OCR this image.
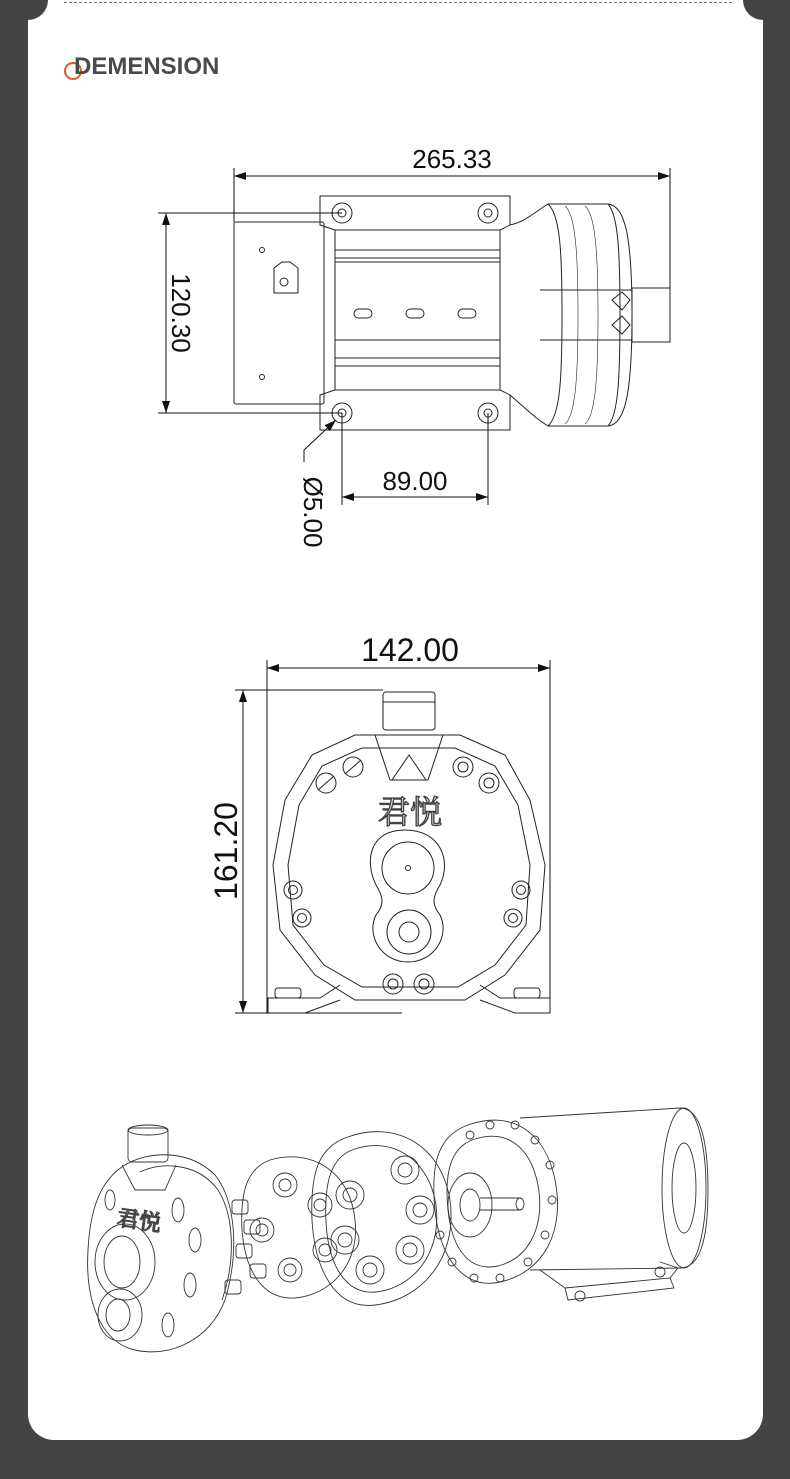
DEMENSION
265.33
120.30
89.00
Ø5.00
君悦
142.00
161.20
君悦
